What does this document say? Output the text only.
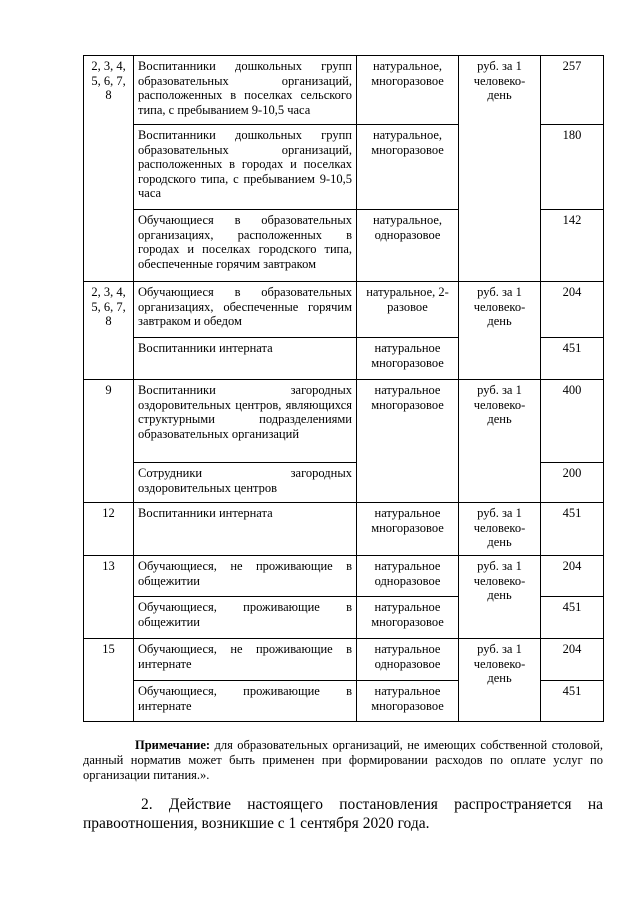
2, 3, 4, 5, 6, 7, 8	Воспитанники дошкольных групп образовательных организаций, расположенных в поселках сельского типа, с пребыванием 9-10,5 часа	натуральное, многоразовое	руб. за 1 человеко-день	257
	Воспитанники дошкольных групп образовательных организаций, расположенных в городах и поселках городского типа, с пребыванием 9-10,5 часа	натуральное, многоразовое		180
	Обучающиеся в образовательных организациях, расположенных в городах и поселках городского типа, обеспеченные горячим завтраком	натуральное, одноразовое		142
2, 3, 4, 5, 6, 7, 8	Обучающиеся в образовательных организациях, обеспеченные горячим завтраком и обедом	натуральное, 2-разовое	руб. за 1 человеко-день	204
	Воспитанники интерната	натуральное многоразовое		451
9	Воспитанники загородных оздоровительных центров, являющихся структурными подразделениями образовательных организаций	натуральное многоразовое	руб. за 1 человеко-день	400
	Сотрудники загородных оздоровительных центров			200
12	Воспитанники интерната	натуральное многоразовое	руб. за 1 человеко-день	451
13	Обучающиеся, не проживающие в общежитии	натуральное одноразовое	руб. за 1 человеко-день	204
	Обучающиеся, проживающие в общежитии	натуральное многоразовое		451
15	Обучающиеся, не проживающие в интернате	натуральное одноразовое	руб. за 1 человеко-день	204
	Обучающиеся, проживающие в интернате	натуральное многоразовое		451
Примечание: для образовательных организаций, не имеющих собственной столовой, данный норматив может быть применен при формировании расходов по оплате услуг по организации питания.».
2. Действие настоящего постановления распространяется на
правоотношения, возникшие с 1 сентября 2020 года.
